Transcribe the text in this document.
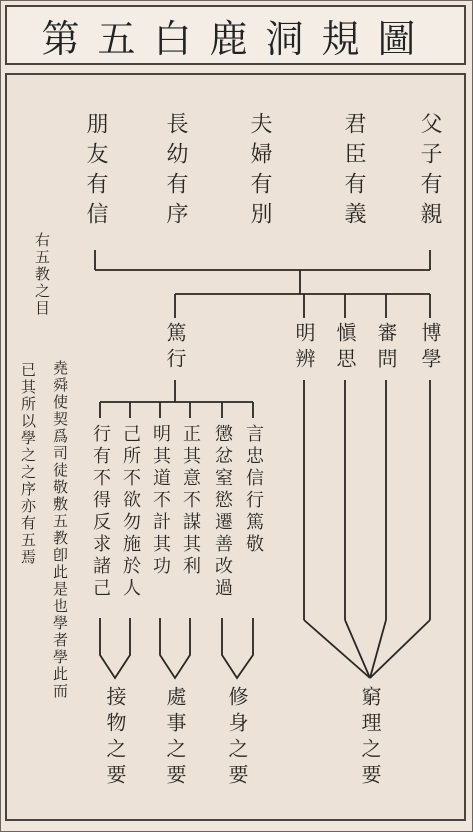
第五白鹿洞規圖
父子有親
君臣有義
夫婦有別
長幼有序
朋友有信
右五教之目
堯舜使契爲司徒敬敷五教卽此是也學者學此而
已其所以學之之序亦有五焉
博學
審問
愼思
明辨
篤行
言忠信行篤敬
懲忿窒慾遷善改過
正其意不謀其利
明其道不計其功
己所不欲勿施於人
行有不得反求諸己
修身之要
處事之要
接物之要	窮理之要
